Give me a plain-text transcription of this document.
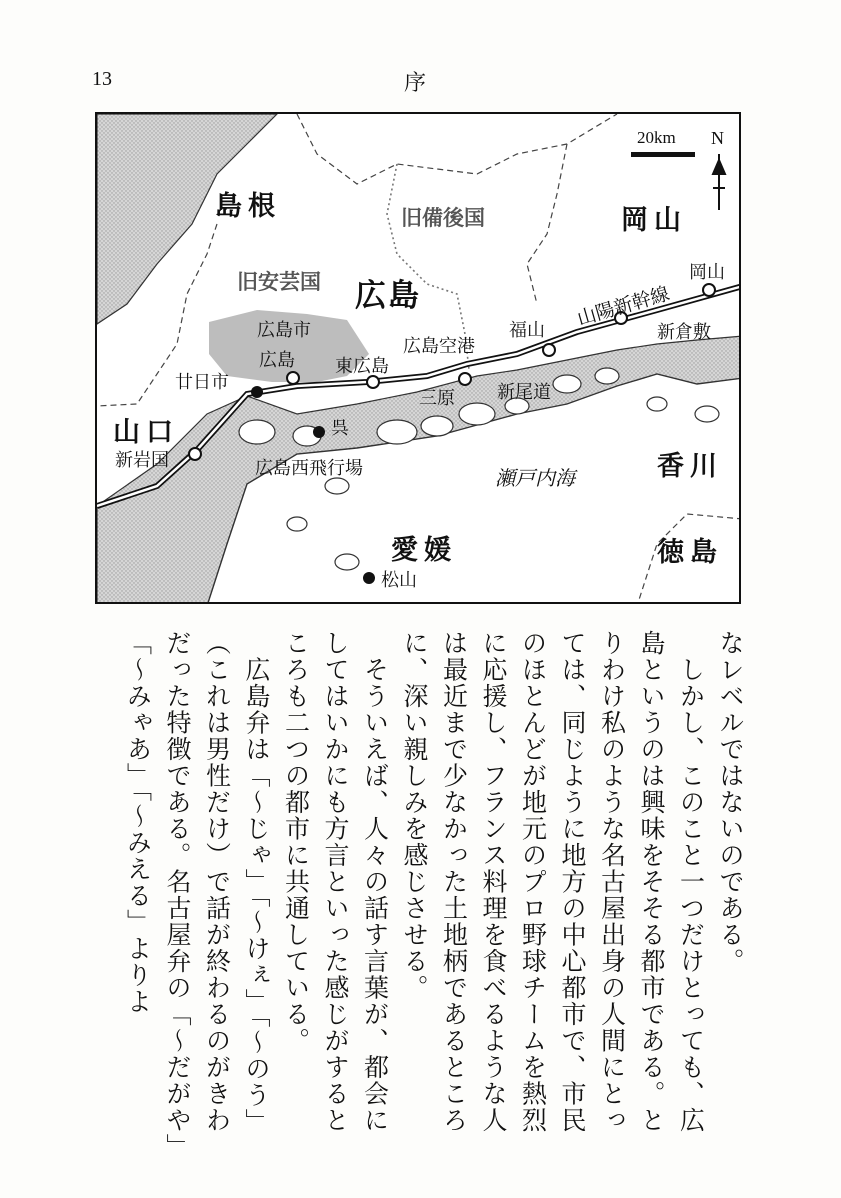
13	序
20km N
島根	岡山
広島
山口
香川
愛媛	徳島
旧備後国
旧安芸国
広島市
広島
廿日市
東広島
広島空港
三原
福山
新尾道
新倉敷
岡山
呉
新岩国
松山
広島西飛行場	瀬戸内海
山陽新幹線

なレベルではないのである。

　しかし、このこと一つだけとっても、広島というのは興味をそそる都市である。とりわけ私のような名古屋出身の人間にとっては、同じように地方の中心都市で、市民のほとんどが地元のプロ野球チームを熱烈に応援し、フランス料理を食べるような人は最近まで少なかった土地柄であるところに、深い親しみを感じさせる。

　そういえば、人々の話す言葉が、都会にしてはいかにも方言といった感じがするところも二つの都市に共通している。

　広島弁は「〜じゃ」「〜けぇ」「〜のう」（これは男性だけ）で話が終わるのがきわだった特徴である。名古屋弁の「〜だがや」「〜みゃあ」「〜みえる」よりよ
